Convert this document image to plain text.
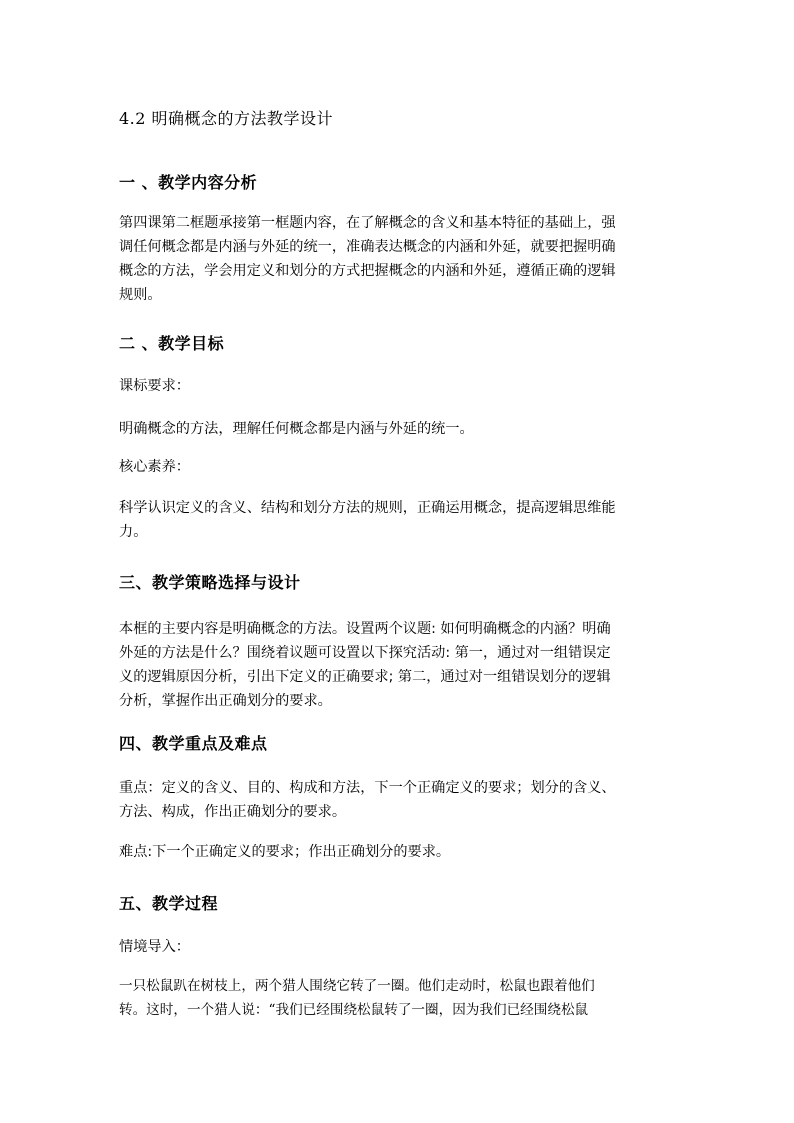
4.2 明确概念的方法教学设计
一 、教学内容分析
第四课第二框题承接第一框题内容，在了解概念的含义和基本特征的基础上，强
调任何概念都是内涵与外延的统一，准确表达概念的内涵和外延，就要把握明确
概念的方法，学会用定义和划分的方式把握概念的内涵和外延，遵循正确的逻辑
规则。
二 、教学目标
课标要求：
明确概念的方法，理解任何概念都是内涵与外延的统一。
核心素养：
科学认识定义的含义、结构和划分方法的规则，正确运用概念，提高逻辑思维能
力。
三、教学策略选择与设计
本框的主要内容是明确概念的方法。设置两个议题: 如何明确概念的内涵？明确
外延的方法是什么？围绕着议题可设置以下探究活动: 第一，通过对一组错误定
义的逻辑原因分析，引出下定义的正确要求; 第二，通过对一组错误划分的逻辑
分析，掌握作出正确划分的要求。
四、教学重点及难点
重点：定义的含义、目的、构成和方法，下一个正确定义的要求；划分的含义、
方法、构成，作出正确划分的要求。
难点:下一个正确定义的要求；作出正确划分的要求。
五、教学过程
情境导入：
一只松鼠趴在树枝上，两个猎人围绕它转了一圈。他们走动时，松鼠也跟着他们
转。这时，一个猎人说：“我们已经围绕松鼠转了一圈，因为我们已经围绕松鼠
